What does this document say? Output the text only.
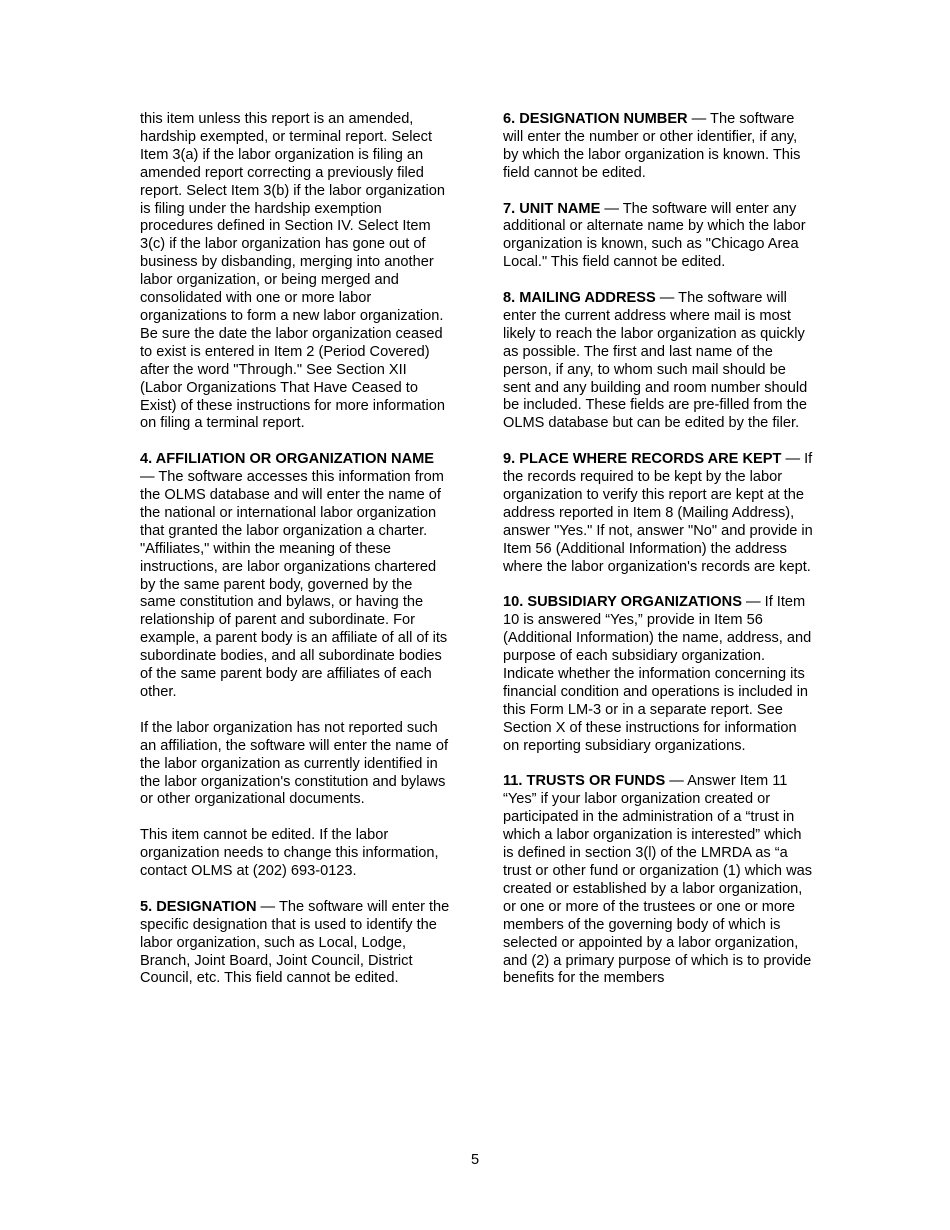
this item unless this report is an amended, hardship exempted, or terminal report. Select Item 3(a) if the labor organization is filing an amended report correcting a previously filed report. Select Item 3(b) if the labor organization is filing under the hardship exemption procedures defined in Section IV. Select Item 3(c) if the labor organization has gone out of business by disbanding, merging into another labor organization, or being merged and consolidated with one or more labor organizations to form a new labor organization. Be sure the date the labor organization ceased to exist is entered in Item 2 (Period Covered) after the word "Through." See Section XII (Labor Organizations That Have Ceased to Exist) of these instructions for more information on filing a terminal report.

4. AFFILIATION OR ORGANIZATION NAME — The software accesses this information from the OLMS database and will enter the name of the national or international labor organization that granted the labor organization a charter. "Affiliates," within the meaning of these instructions, are labor organizations chartered by the same parent body, governed by the same constitution and bylaws, or having the relationship of parent and subordinate. For example, a parent body is an affiliate of all of its subordinate bodies, and all subordinate bodies of the same parent body are affiliates of each other.

If the labor organization has not reported such an affiliation, the software will enter the name of the labor organization as currently identified in the labor organization's constitution and bylaws or other organizational documents.

This item cannot be edited. If the labor organization needs to change this information, contact OLMS at (202) 693-0123.

5. DESIGNATION — The software will enter the specific designation that is used to identify the labor organization, such as Local, Lodge, Branch, Joint Board, Joint Council, District Council, etc. This field cannot be edited.

6. DESIGNATION NUMBER — The software will enter the number or other identifier, if any, by which the labor organization is known. This field cannot be edited.

7. UNIT NAME — The software will enter any additional or alternate name by which the labor organization is known, such as "Chicago Area Local." This field cannot be edited.

8. MAILING ADDRESS — The software will enter the current address where mail is most likely to reach the labor organization as quickly as possible. The first and last name of the person, if any, to whom such mail should be sent and any building and room number should be included. These fields are pre-filled from the OLMS database but can be edited by the filer.

9. PLACE WHERE RECORDS ARE KEPT — If the records required to be kept by the labor organization to verify this report are kept at the address reported in Item 8 (Mailing Address), answer "Yes." If not, answer "No" and provide in Item 56 (Additional Information) the address where the labor organization's records are kept.

10. SUBSIDIARY ORGANIZATIONS — If Item 10 is answered “Yes,” provide in Item 56 (Additional Information) the name, address, and purpose of each subsidiary organization. Indicate whether the information concerning its financial condition and operations is included in this Form LM-3 or in a separate report. See Section X of these instructions for information on reporting subsidiary organizations.

11. TRUSTS OR FUNDS — Answer Item 11 “Yes” if your labor organization created or participated in the administration of a “trust in which a labor organization is interested” which is defined in section 3(l) of the LMRDA as “a trust or other fund or organization (1) which was created or established by a labor organization, or one or more of the trustees or one or more members of the governing body of which is selected or appointed by a labor organization, and (2) a primary purpose of which is to provide benefits for the members

5
